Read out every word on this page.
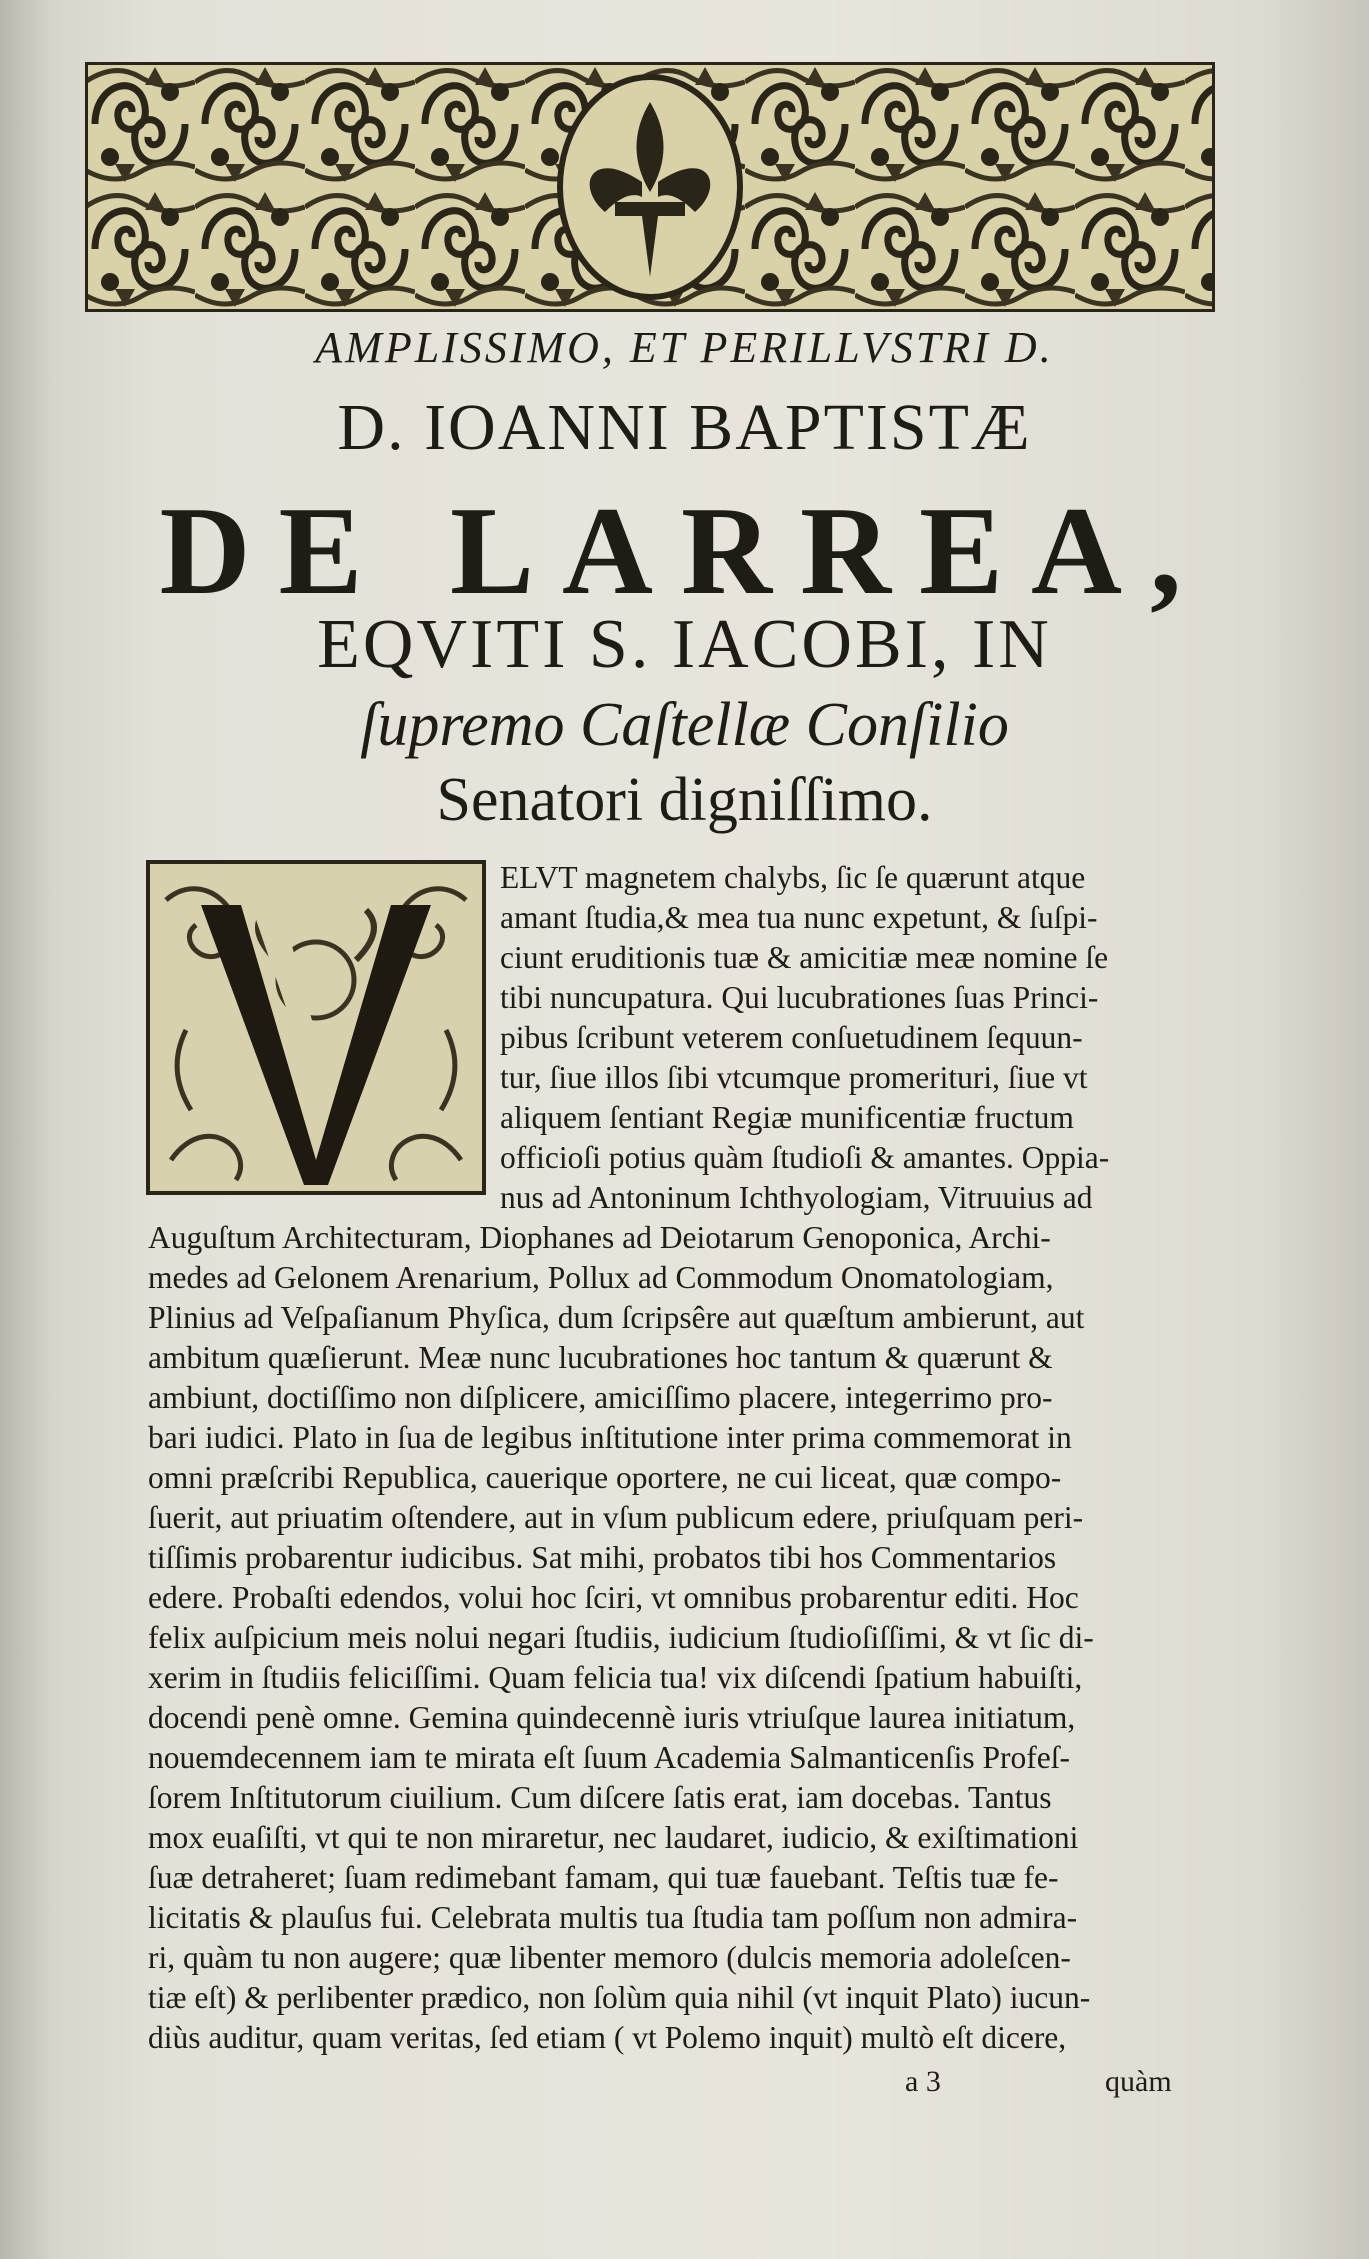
AMPLISSIMO, ET PERILLVSTRI D.
D. IOANNI BAPTISTÆ
DE LARREA,
EQVITI S. IACOBI, IN
ſupremo Caſtellæ Conſilio
Senatori digniſſimo.
ELVT magnetem chalybs, ſic ſe quærunt atque
amant ſtudia,& mea tua nunc expetunt, & ſuſpi-
ciunt eruditionis tuæ & amicitiæ meæ nomine ſe
tibi nuncupatura. Qui lucubrationes ſuas Princi-
pibus ſcribunt veterem conſuetudinem ſequun-
tur, ſiue illos ſibi vtcumque promerituri, ſiue vt
aliquem ſentiant Regiæ munificentiæ fructum
officioſi potius quàm ſtudioſi & amantes. Oppia-
nus ad Antoninum Ichthyologiam, Vitruuius ad
Auguſtum Architecturam, Diophanes ad Deiotarum Genoponica, Archi-
medes ad Gelonem Arenarium, Pollux ad Commodum Onomatologiam,
Plinius ad Veſpaſianum Phyſica, dum ſcripsêre aut quæſtum ambierunt, aut
ambitum quæſierunt. Meæ nunc lucubrationes hoc tantum & quærunt &
ambiunt, doctiſſimo non diſplicere, amiciſſimo placere, integerrimo pro-
bari iudici. Plato in ſua de legibus inſtitutione inter prima commemorat in
omni præſcribi Republica, cauerique oportere, ne cui liceat, quæ compo-
ſuerit, aut priuatim oſtendere, aut in vſum publicum edere, priuſquam peri-
tiſſimis probarentur iudicibus. Sat mihi, probatos tibi hos Commentarios
edere. Probaſti edendos, volui hoc ſciri, vt omnibus probarentur editi. Hoc
felix auſpicium meis nolui negari ſtudiis, iudicium ſtudioſiſſimi, & vt ſic di-
xerim in ſtudiis feliciſſimi. Quam felicia tua! vix diſcendi ſpatium habuiſti,
docendi penè omne. Gemina quindecennè iuris vtriuſque laurea initiatum,
nouemdecennem iam te mirata eſt ſuum Academia Salmanticenſis Profeſ-
ſorem Inſtitutorum ciuilium. Cum diſcere ſatis erat, iam docebas. Tantus
mox euaſiſti, vt qui te non miraretur, nec laudaret, iudicio, & exiſtimationi
ſuæ detraheret; ſuam redimebant famam, qui tuæ fauebant. Teſtis tuæ fe-
licitatis & plauſus fui. Celebrata multis tua ſtudia tam poſſum non admira-
ri, quàm tu non augere; quæ libenter memoro (dulcis memoria adoleſcen-
tiæ eſt) & perlibenter prædico, non ſolùm quia nihil (vt inquit Plato) iucun-
diùs auditur, quam veritas, ſed etiam ( vt Polemo inquit) multò eſt dicere,
a 3	quàm
